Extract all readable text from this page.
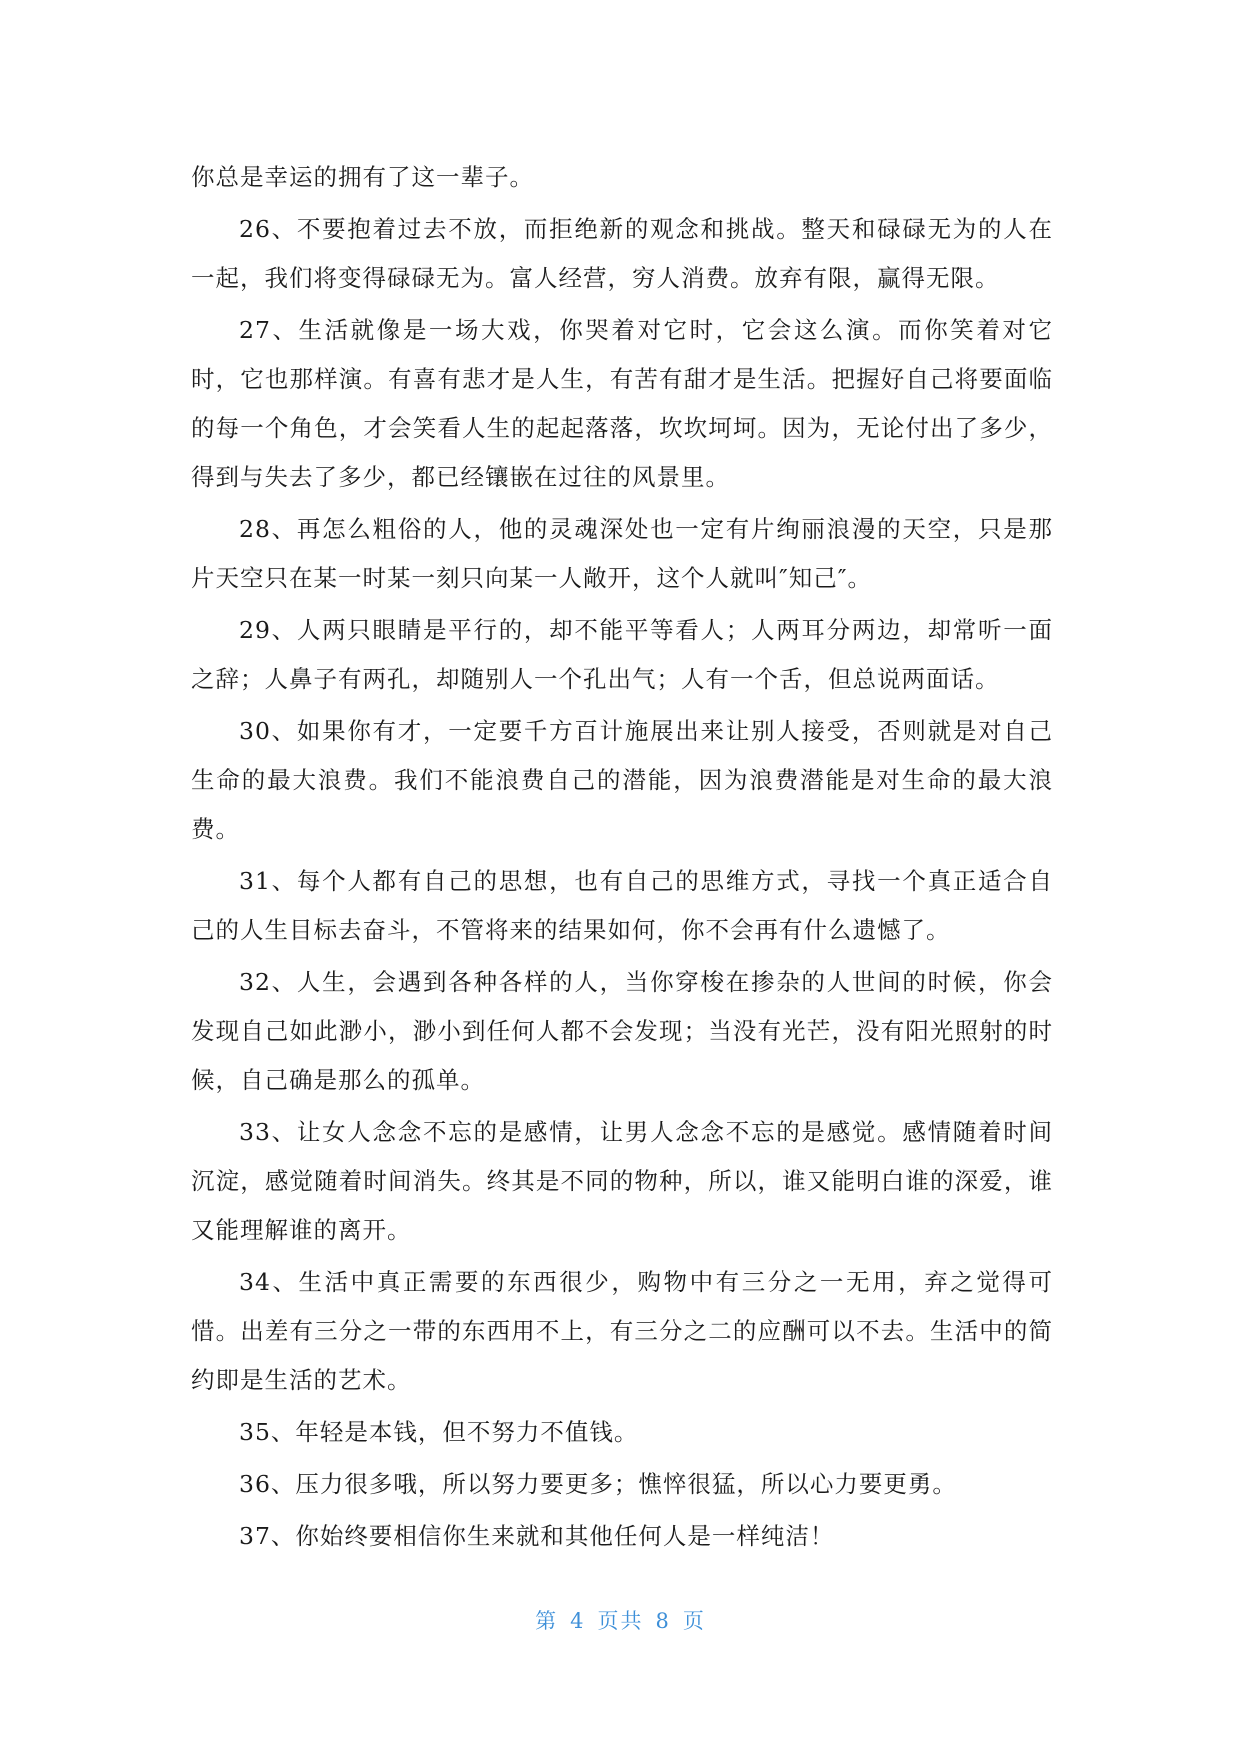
你总是幸运的拥有了这一辈子。

26、不要抱着过去不放，而拒绝新的观念和挑战。整天和碌碌无为的人在一起，我们将变得碌碌无为。富人经营，穷人消费。放弃有限，赢得无限。

27、生活就像是一场大戏，你哭着对它时，它会这么演。而你笑着对它时，它也那样演。有喜有悲才是人生，有苦有甜才是生活。把握好自己将要面临的每一个角色，才会笑看人生的起起落落，坎坎坷坷。因为，无论付出了多少，得到与失去了多少，都已经镶嵌在过往的风景里。

28、再怎么粗俗的人，他的灵魂深处也一定有片绚丽浪漫的天空，只是那片天空只在某一时某一刻只向某一人敞开，这个人就叫″知己″。

29、人两只眼睛是平行的，却不能平等看人；人两耳分两边，却常听一面之辞；人鼻子有两孔，却随别人一个孔出气；人有一个舌，但总说两面话。

30、如果你有才，一定要千方百计施展出来让别人接受，否则就是对自己生命的最大浪费。我们不能浪费自己的潜能，因为浪费潜能是对生命的最大浪费。

31、每个人都有自己的思想，也有自己的思维方式，寻找一个真正适合自己的人生目标去奋斗，不管将来的结果如何，你不会再有什么遗憾了。

32、人生，会遇到各种各样的人，当你穿梭在掺杂的人世间的时候，你会发现自己如此渺小，渺小到任何人都不会发现；当没有光芒，没有阳光照射的时候，自己确是那么的孤单。

33、让女人念念不忘的是感情，让男人念念不忘的是感觉。感情随着时间沉淀，感觉随着时间消失。终其是不同的物种，所以，谁又能明白谁的深爱，谁又能理解谁的离开。

34、生活中真正需要的东西很少，购物中有三分之一无用，弃之觉得可惜。出差有三分之一带的东西用不上，有三分之二的应酬可以不去。生活中的简约即是生活的艺术。

35、年轻是本钱，但不努力不值钱。

36、压力很多哦，所以努力要更多；憔悴很猛，所以心力要更勇。

37、你始终要相信你生来就和其他任何人是一样纯洁！

第 4 页共 8 页
